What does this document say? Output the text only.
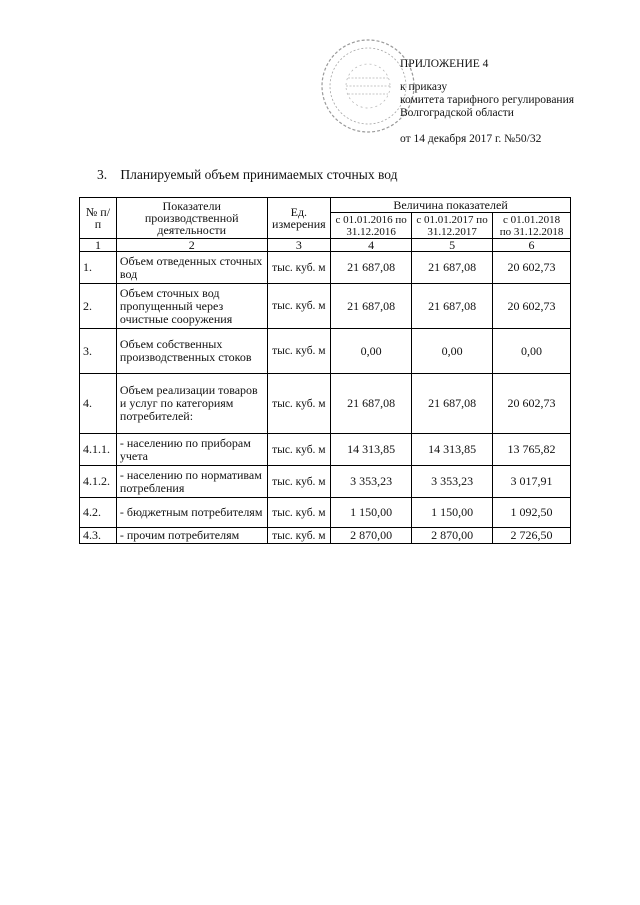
ПРИЛОЖЕНИЕ 4
к приказу
комитета тарифного регулирования
Волгоградской области
от 14 декабря 2017 г. №50/32
3. Планируемый объем принимаемых сточных вод
№ п/п	Показатели производственной деятельности	Ед. измерения	Величина показателей		
			с 01.01.2016 по 31.12.2016	с 01.01.2017 по 31.12.2017	с 01.01.2018 по 31.12.2018
1	2	3	4	5	6
1.	Объем отведенных сточных вод	тыс. куб. м	21 687,08	21 687,08	20 602,73
2.	Объем сточных вод пропущенный через очистные сооружения	тыс. куб. м	21 687,08	21 687,08	20 602,73
3.	Объем собственных производственных стоков	тыс. куб. м	0,00	0,00	0,00
4.	Объем реализации товаров и услуг по категориям потребителей:	тыс. куб. м	21 687,08	21 687,08	20 602,73
4.1.1.	- населению по приборам учета	тыс. куб. м	14 313,85	14 313,85	13 765,82
4.1.2.	- населению по нормативам потребления	тыс. куб. м	3 353,23	3 353,23	3 017,91
4.2.	- бюджетным потребителям	тыс. куб. м	1 150,00	1 150,00	1 092,50
4.3.	- прочим потребителям	тыс. куб. м	2 870,00	2 870,00	2 726,50
